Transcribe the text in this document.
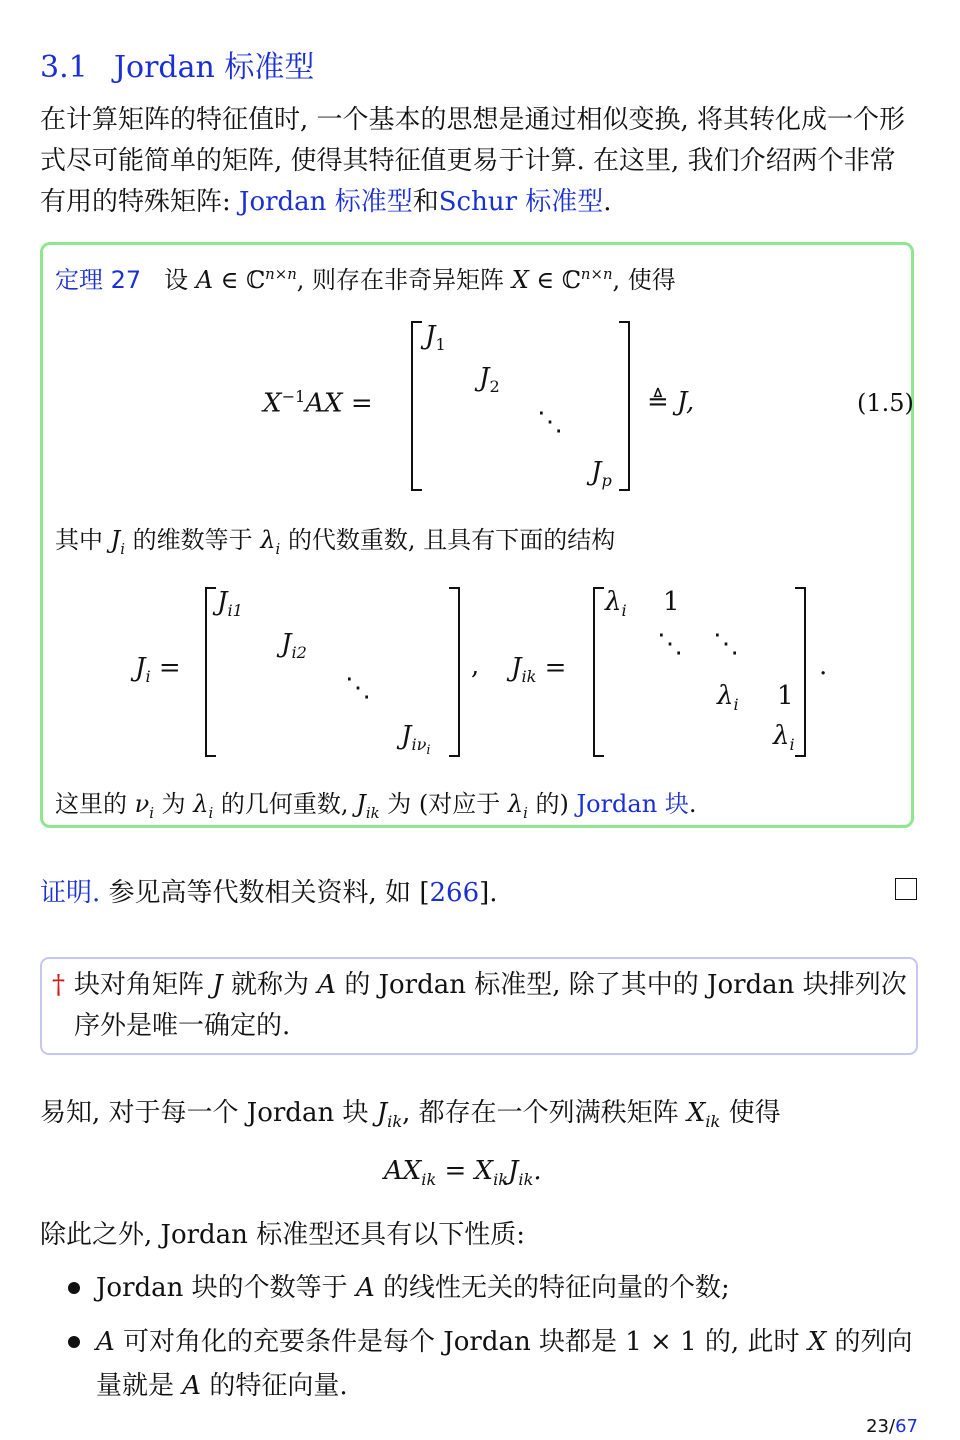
3.1 Jordan 标准型
在计算矩阵的特征值时, 一个基本的思想是通过相似变换, 将其转化成一个形式尽可能简单的矩阵, 使得其特征值更易于计算. 在这里, 我们介绍两个非常有用的特殊矩阵: Jordan 标准型和Schur 标准型.
定理 27 设 A ∈ ℂ$^{n\times n}$, 则存在非奇异矩阵 X ∈ ℂ$^{n\times n}$, 使得
$X^{-1}AX$ =
$J_1$
$J_2$
⋱
$J_p$
≜ J,	(1.5)
其中 $J_i$ 的维数等于 $\lambda_i$ 的代数重数, 且具有下面的结构
$J_i$ =
$J_{i1}$
$J_{i2}$
⋱
$J_{i\nu_i}$
, $J_{ik}$ =
$\lambda_i$ 1
⋱ ⋱
$\lambda_i$ 1
$\lambda_i$
.
这里的 $\nu_i$ 为 $\lambda_i$ 的几何重数, $J_{ik}$ 为 (对应于 $\lambda_i$ 的) Jordan 块.
证明. 参见高等代数相关资料, 如 [266].
† 块对角矩阵 J 就称为 A 的 Jordan 标准型, 除了其中的 Jordan 块排列次序外是唯一确定的.
易知, 对于每一个 Jordan 块 $J_{ik}$, 都存在一个列满秩矩阵 $X_{ik}$ 使得
$AX_{ik} = X_{ik}J_{ik}$.
除此之外, Jordan 标准型还具有以下性质:
Jordan 块的个数等于 A 的线性无关的特征向量的个数;
A 可对角化的充要条件是每个 Jordan 块都是 1 × 1 的, 此时 X 的列向量就是 A 的特征向量.
23/67
